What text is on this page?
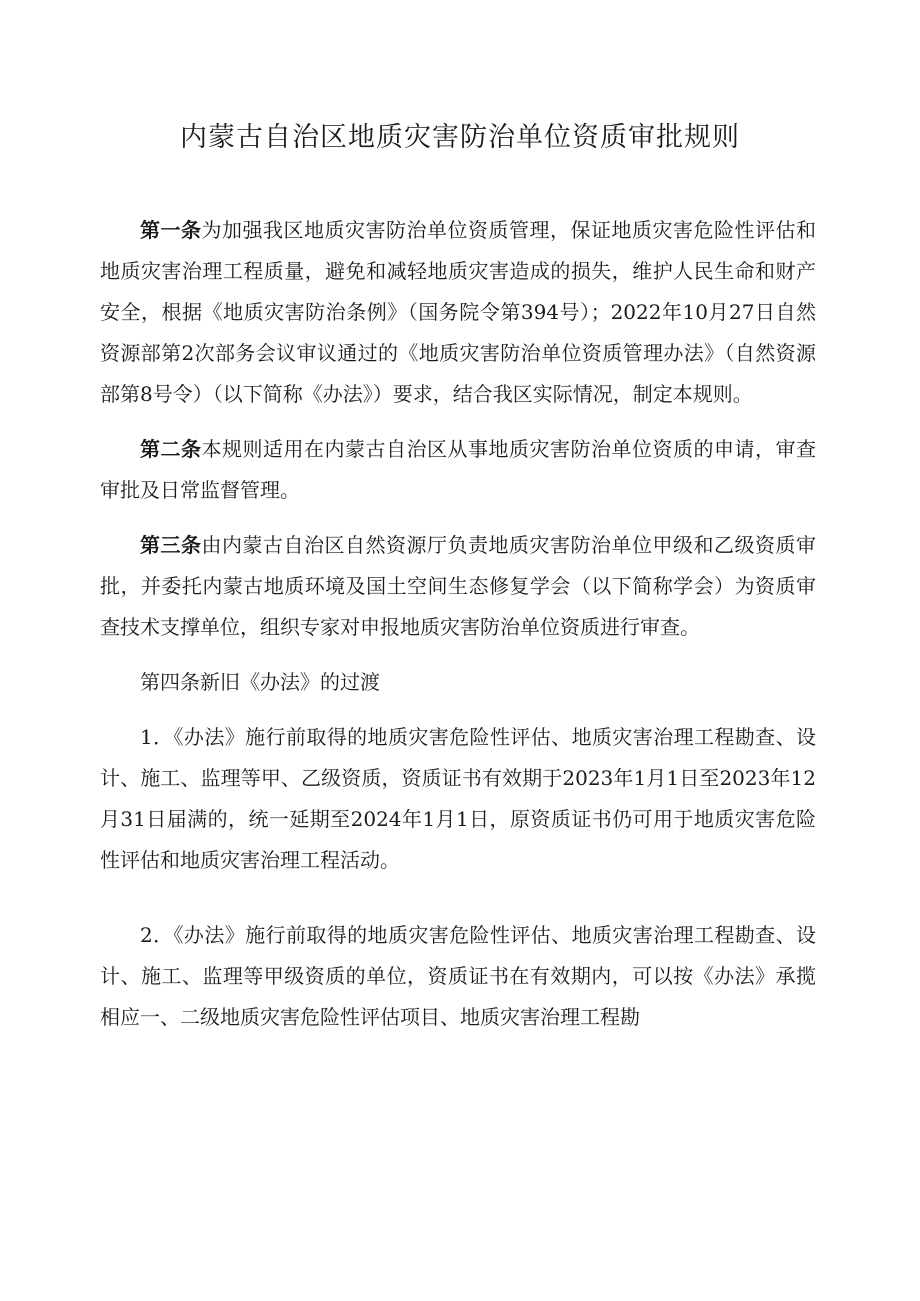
内蒙古自治区地质灾害防治单位资质审批规则

第一条为加强我区地质灾害防治单位资质管理，保证地质灾害危险性评估和地质灾害治理工程质量，避免和减轻地质灾害造成的损失，维护人民生命和财产安全，根据《地质灾害防治条例》（国务院令第394号）；2022年10月27日自然资源部第2次部务会议审议通过的《地质灾害防治单位资质管理办法》（自然资源部第8号令）（以下简称《办法》）要求，结合我区实际情况，制定本规则。

第二条本规则适用在内蒙古自治区从事地质灾害防治单位资质的申请，审查审批及日常监督管理。

第三条由内蒙古自治区自然资源厅负责地质灾害防治单位甲级和乙级资质审批，并委托内蒙古地质环境及国土空间生态修复学会（以下简称学会）为资质审查技术支撑单位，组织专家对申报地质灾害防治单位资质进行审查。

第四条新旧《办法》的过渡

1．《办法》施行前取得的地质灾害危险性评估、地质灾害治理工程勘查、设计、施工、监理等甲、乙级资质，资质证书有效期于2023年1月1日至2023年12月31日届满的，统一延期至2024年1月1日，原资质证书仍可用于地质灾害危险性评估和地质灾害治理工程活动。

2．《办法》施行前取得的地质灾害危险性评估、地质灾害治理工程勘查、设计、施工、监理等甲级资质的单位，资质证书在有效期内，可以按《办法》承揽相应一、二级地质灾害危险性评估项目、地质灾害治理工程勘
